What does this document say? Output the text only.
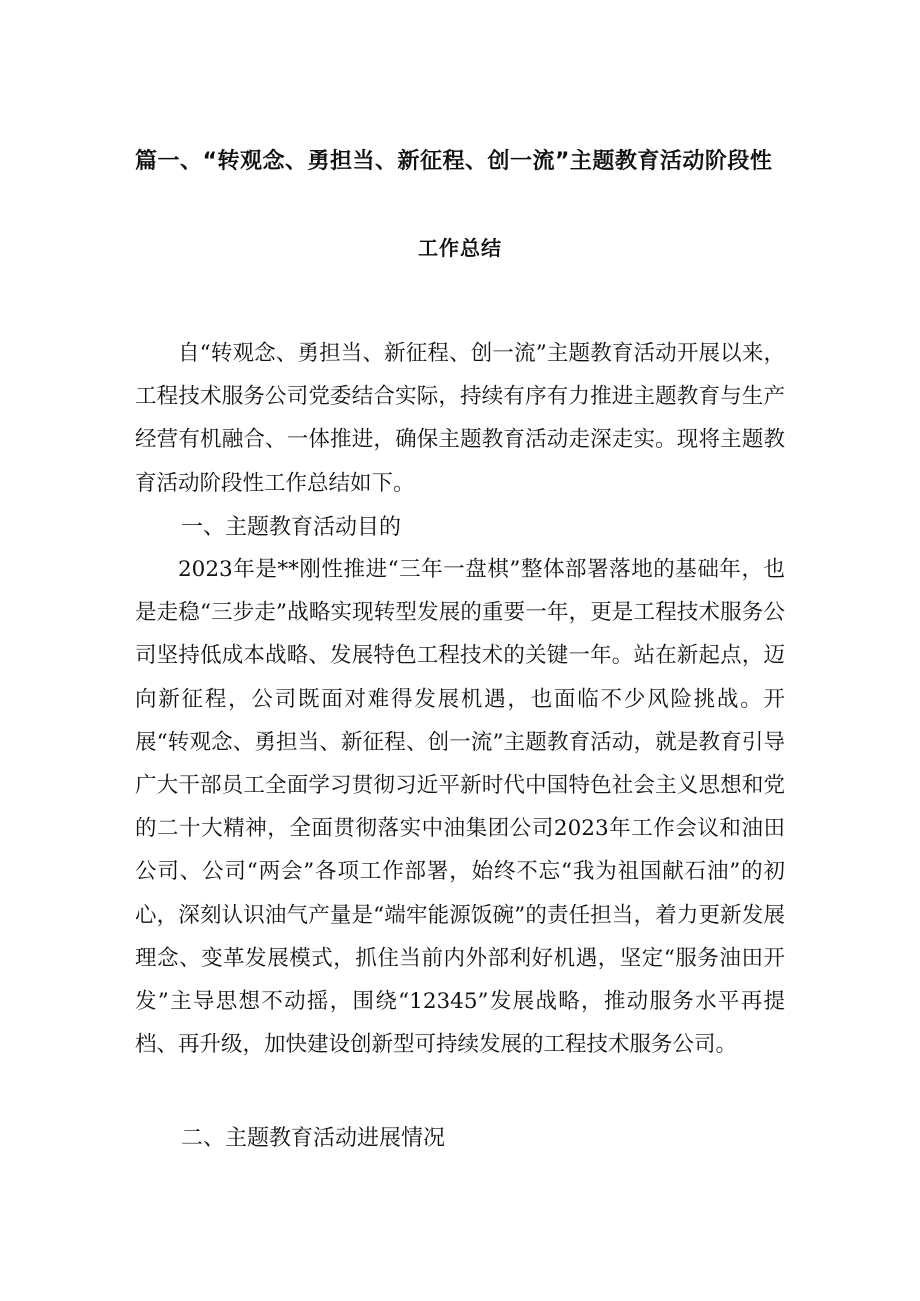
篇一、“转观念、勇担当、新征程、创一流”主题教育活动阶段性
工作总结
自“转观念、勇担当、新征程、创一流”主题教育活动开展以来，工程技术服务公司党委结合实际，持续有序有力推进主题教育与生产经营有机融合、一体推进，确保主题教育活动走深走实。现将主题教育活动阶段性工作总结如下。
一、主题教育活动目的
2023年是**刚性推进“三年一盘棋”整体部署落地的基础年，也是走稳“三步走”战略实现转型发展的重要一年，更是工程技术服务公司坚持低成本战略、发展特色工程技术的关键一年。站在新起点，迈向新征程，公司既面对难得发展机遇，也面临不少风险挑战。开展“转观念、勇担当、新征程、创一流”主题教育活动，就是教育引导广大干部员工全面学习贯彻习近平新时代中国特色社会主义思想和党的二十大精神，全面贯彻落实中油集团公司2023年工作会议和油田公司、公司“两会”各项工作部署，始终不忘“我为祖国献石油”的初心，深刻认识油气产量是“端牢能源饭碗”的责任担当，着力更新发展理念、变革发展模式，抓住当前内外部利好机遇，坚定“服务油田开发”主导思想不动摇，围绕“12345”发展战略，推动服务水平再提档、再升级，加快建设创新型可持续发展的工程技术服务公司。
二、主题教育活动进展情况
